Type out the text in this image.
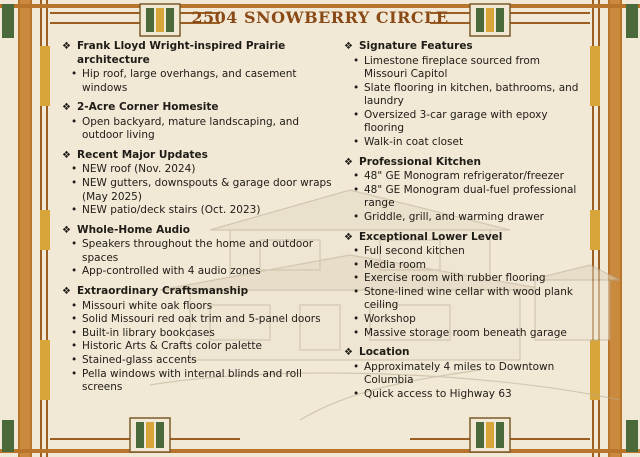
2504 SNOWBERRY CIRCLE
❖ Frank Lloyd Wright-inspired Prairie architecture
• Hip roof, large overhangs, and casement windows
❖ 2-Acre Corner Homesite
• Open backyard, mature landscaping, and outdoor living
❖ Recent Major Updates
• NEW roof (Nov. 2024)
• NEW gutters, downspouts & garage door wraps (May 2025)
• NEW patio/deck stairs (Oct. 2023)
❖ Whole-Home Audio
• Speakers throughout the home and outdoor spaces
• App-controlled with 4 audio zones
❖ Extraordinary Craftsmanship
• Missouri white oak floors
• Solid Missouri red oak trim and 5-panel doors
• Built-in library bookcases
• Historic Arts & Crafts color palette
• Stained-glass accents
• Pella windows with internal blinds and roll screens
❖ Signature Features
• Limestone fireplace sourced from Missouri Capitol
• Slate flooring in kitchen, bathrooms, and laundry
• Oversized 3-car garage with epoxy flooring
• Walk-in coat closet
❖ Professional Kitchen
• 48" GE Monogram refrigerator/freezer
• 48" GE Monogram dual-fuel professional range
• Griddle, grill, and warming drawer
❖ Exceptional Lower Level
• Full second kitchen
• Media room
• Exercise room with rubber flooring
• Stone-lined wine cellar with wood plank ceiling
• Workshop
• Massive storage room beneath garage
❖ Location
• Approximately 4 miles to Downtown Columbia
• Quick access to Highway 63
